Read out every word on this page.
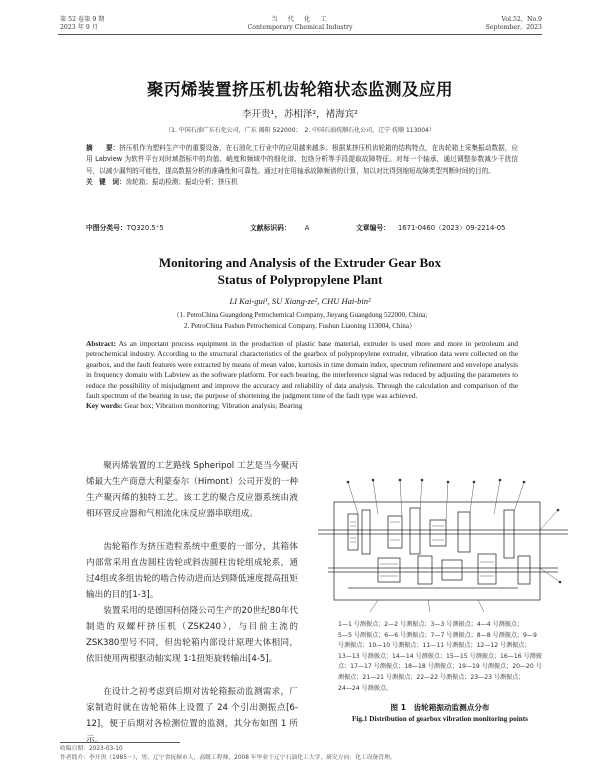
第 52 卷第 9 期
2023 年 9 月
当　代　化　工
Contemporary Chemical Industry
Vol.52，No.9
September，2023
聚丙烯装置挤压机齿轮箱状态监测及应用
李开贵¹，苏相泽²，褚海宾²
（1. 中国石油广东石化公司，广东 揭阳 522000；　2. 中国石油抚顺石化公司，辽宁 抚顺 113004）
摘　　要：挤压机作为塑料生产中的重要设备，在石油化工行业中的应用越来越多。根据某挤压机齿轮箱的结构特点，在齿轮箱上采集振动数据，应用 Labview 为软件平台对时域指标中的均值、峭度和频域中的细化谱、包络分析等手段提取故障特征。对每一个轴承，通过调整参数减少干扰信号，以减少漏判的可能性，提高数据分析的准确性和可靠性。通过对在用轴承故障频谱的计算，加以对比得到缩短故障类型判断时间的目的。
关　键　词：齿轮箱；振动检测；振动分析；挤压机
中图分类号：TQ320.5⁺5	文献标识码： A	文章编号： 1671-0460（2023）09-2214-05
Monitoring and Analysis of the Extruder Gear Box
Status of Polypropylene Plant
LI Kai-gui¹, SU Xiang-ze², CHU Hai-bin²
（1. PetroChina Guangdong Petrochemical Company, Jieyang Guangdong 522000, China;
2. PetroChina Fushun Petrochemical Company, Fushun Liaoning 113004, China）
Abstract: As an important process equipment in the production of plastic base material, extruder is used more and more in petroleum and petrochemical industry. According to the structural characteristics of the gearbox of polypropylene extruder, vibration data were collected on the gearbox, and the fault features were extracted by means of mean value, kurtosis in time domain index, spectrum refinement and envelope analysis in frequency domain with Labview as the software platform. For each bearing, the interference signal was reduced by adjusting the parameters to reduce the possibility of misjudgment and improve the accuracy and reliability of data analysis. Through the calculation and comparison of the fault spectrum of the bearing in use, the purpose of shortening the judgment time of the fault type was achieved.
Key words: Gear box; Vibration monitoring; Vibration analysis; Bearing
聚丙烯装置的工艺路线 Spheripol 工艺是当今聚丙烯最大生产商意大利蒙泰尔（Himont）公司开发的一种生产聚丙烯的独特工艺。该工艺的聚合反应器系统由液相环管反应器和气相流化床反应器串联组成。
齿轮箱作为挤压造粒系统中重要的一部分，其箱体内部常采用直齿圆柱齿轮或斜齿圆柱齿轮组成轮系，通过4组或多组齿轮的啮合传动进而达到降低速度提高扭矩输出的目的[1-3]。
装置采用的是德国科倍隆公司生产的20世纪80年代制造的双螺杆挤压机（ZSK240），与目前主流的ZSK380型号不同，但齿轮箱内部设计原理大体相同，依旧使用两根驱动轴实现 1∶1扭矩旋转输出[4-5]。
在设计之初考虑到后期对齿轮箱振动监测需求，厂家制造时就在齿轮箱体上设置了 24 个引出测振点[6-12]，便于后期对各检测位置的监测，其分布如图 1 所示。
1—1 号测振点；2—2 号测振点；3—3 号测振点；4—4 号测振点；
5—5 号测振点；6—6 号测振点；7—7 号测振点；8—8 号测振点；9—9
号测振点；10—10 号测振点；11—11 号测振点；12—12 号测振点；
13—13 号测振点；14—14 号测振点；15—15 号测振点；16—16 号测振
点；17—17 号测振点；18—18 号测振点；19—19 号测振点；20—20 号
测振点；21—21 号测振点；22—22 号测振点；23—23 号测振点；
24—24 号测振点。
图 1　齿轮箱振动监测点分布
Fig.1 Distribution of gearbox vibration monitoring points
收稿日期：2023-03-10
作者简介：李开贵（1985－），男，辽宁省抚顺市人，高级工程师，2008 年毕业于辽宁石油化工大学，研究方向：化工设备管理。
